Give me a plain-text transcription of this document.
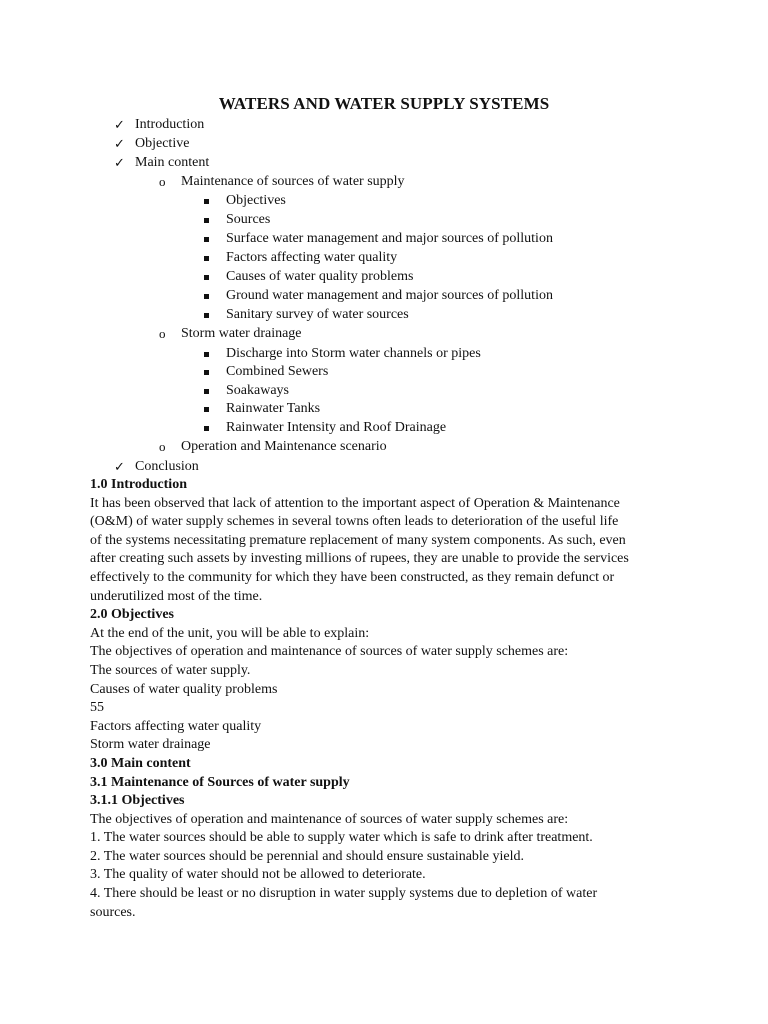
WATERS AND WATER SUPPLY SYSTEMS
✓ Introduction
✓ Objective
✓ Main content
o Maintenance of sources of water supply
Objectives
Sources
Surface water management and major sources of pollution
Factors affecting water quality
Causes of water quality problems
Ground water management and major sources of pollution
Sanitary survey of water sources
o Storm water drainage
Discharge into Storm water channels or pipes
Combined Sewers
Soakaways
Rainwater Tanks
Rainwater Intensity and Roof Drainage
o Operation and Maintenance scenario
✓ Conclusion

1.0 Introduction

It has been observed that lack of attention to the important aspect of Operation & Maintenance (O&M) of water supply schemes in several towns often leads to deterioration of the useful life of the systems necessitating premature replacement of many system components. As such, even after creating such assets by investing millions of rupees, they are unable to provide the services effectively to the community for which they have been constructed, as they remain defunct or underutilized most of the time.

2.0 Objectives

At the end of the unit, you will be able to explain:

The objectives of operation and maintenance of sources of water supply schemes are:

The sources of water supply.

Causes of water quality problems

55

Factors affecting water quality

Storm water drainage

3.0 Main content

3.1 Maintenance of Sources of water supply

3.1.1 Objectives

The objectives of operation and maintenance of sources of water supply schemes are:

1. The water sources should be able to supply water which is safe to drink after treatment.

2. The water sources should be perennial and should ensure sustainable yield.

3. The quality of water should not be allowed to deteriorate.

4. There should be least or no disruption in water supply systems due to depletion of water sources.
